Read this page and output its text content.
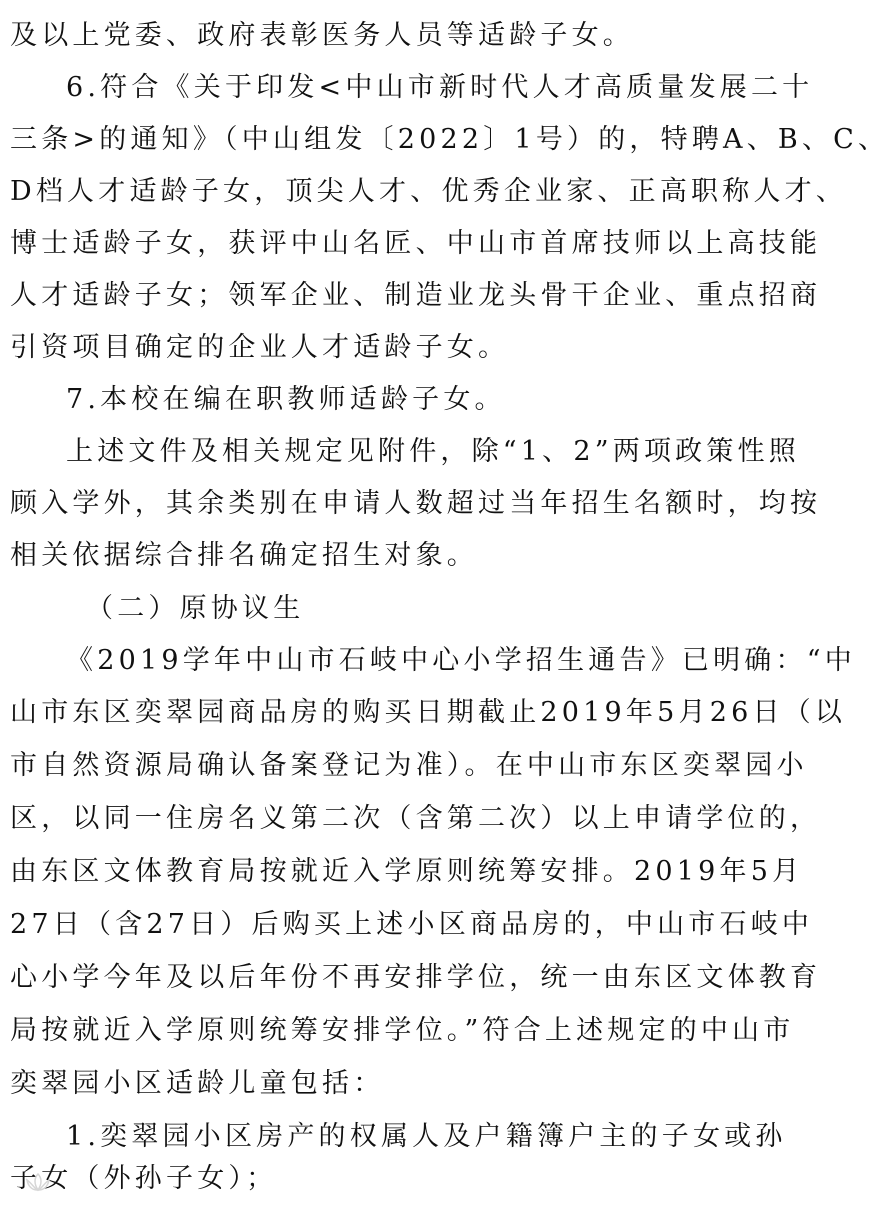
及以上党委、政府表彰医务人员等适龄子女。
6.符合《关于印发<中山市新时代人才高质量发展二十
三条>的通知》（中山组发〔2022〕1号）的，特聘A、B、C、
D档人才适龄子女，顶尖人才、优秀企业家、正高职称人才、
博士适龄子女，获评中山名匠、中山市首席技师以上高技能
人才适龄子女；领军企业、制造业龙头骨干企业、重点招商
引资项目确定的企业人才适龄子女。
7.本校在编在职教师适龄子女。
上述文件及相关规定见附件，除“1、2”两项政策性照
顾入学外，其余类别在申请人数超过当年招生名额时，均按
相关依据综合排名确定招生对象。
（二）原协议生
《2019学年中山市石岐中心小学招生通告》已明确：“中
山市东区奕翠园商品房的购买日期截止2019年5月26日（以
市自然资源局确认备案登记为准）。在中山市东区奕翠园小
区，以同一住房名义第二次（含第二次）以上申请学位的，
由东区文体教育局按就近入学原则统筹安排。2019年5月
27日（含27日）后购买上述小区商品房的，中山市石岐中
心小学今年及以后年份不再安排学位，统一由东区文体教育
局按就近入学原则统筹安排学位。”符合上述规定的中山市
奕翠园小区适龄儿童包括：
1.奕翠园小区房产的权属人及户籍簿户主的子女或孙
子女（外孙子女）；
